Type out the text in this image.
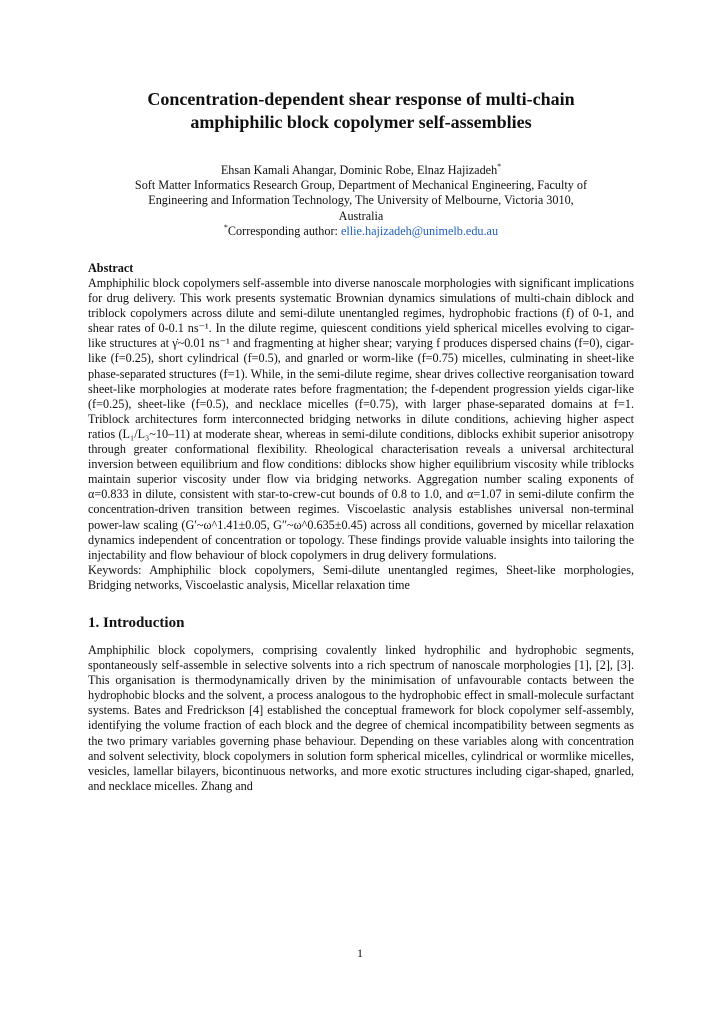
Concentration-dependent shear response of multi-chain
amphiphilic block copolymer self-assemblies
Ehsan Kamali Ahangar, Dominic Robe, Elnaz Hajizadeh*
Soft Matter Informatics Research Group, Department of Mechanical Engineering, Faculty of
Engineering and Information Technology, The University of Melbourne, Victoria 3010,
Australia
*Corresponding author: ellie.hajizadeh@unimelb.edu.au
Abstract

Amphiphilic block copolymers self-assemble into diverse nanoscale morphologies with significant implications for drug delivery. This work presents systematic Brownian dynamics simulations of multi-chain diblock and triblock copolymers across dilute and semi-dilute unentangled regimes, hydrophobic fractions (f) of 0-1, and shear rates of 0-0.1 ns⁻¹. In the dilute regime, quiescent conditions yield spherical micelles evolving to cigar-like structures at γ̇~0.01 ns⁻¹ and fragmenting at higher shear; varying f produces dispersed chains (f=0), cigar-like (f=0.25), short cylindrical (f=0.5), and gnarled or worm-like (f=0.75) micelles, culminating in sheet-like phase-separated structures (f=1). While, in the semi-dilute regime, shear drives collective reorganisation toward sheet-like morphologies at moderate rates before fragmentation; the f-dependent progression yields cigar-like (f=0.25), sheet-like (f=0.5), and necklace micelles (f=0.75), with larger phase-separated domains at f=1. Triblock architectures form interconnected bridging networks in dilute conditions, achieving higher aspect ratios (L₁/L₃~10–11) at moderate shear, whereas in semi-dilute conditions, diblocks exhibit superior anisotropy through greater conformational flexibility. Rheological characterisation reveals a universal architectural inversion between equilibrium and flow conditions: diblocks show higher equilibrium viscosity while triblocks maintain superior viscosity under flow via bridging networks. Aggregation number scaling exponents of α=0.833 in dilute, consistent with star-to-crew-cut bounds of 0.8 to 1.0, and α=1.07 in semi-dilute confirm the concentration-driven transition between regimes. Viscoelastic analysis establishes universal non-terminal power-law scaling (G′~ω^1.41±0.05, G″~ω^0.635±0.45) across all conditions, governed by micellar relaxation dynamics independent of concentration or topology. These findings provide valuable insights into tailoring the injectability and flow behaviour of block copolymers in drug delivery formulations.

Keywords: Amphiphilic block copolymers, Semi-dilute unentangled regimes, Sheet-like morphologies, Bridging networks, Viscoelastic analysis, Micellar relaxation time

1. Introduction

Amphiphilic block copolymers, comprising covalently linked hydrophilic and hydrophobic segments, spontaneously self-assemble in selective solvents into a rich spectrum of nanoscale morphologies [1], [2], [3]. This organisation is thermodynamically driven by the minimisation of unfavourable contacts between the hydrophobic blocks and the solvent, a process analogous to the hydrophobic effect in small-molecule surfactant systems. Bates and Fredrickson [4] established the conceptual framework for block copolymer self-assembly, identifying the volume fraction of each block and the degree of chemical incompatibility between segments as the two primary variables governing phase behaviour. Depending on these variables along with concentration and solvent selectivity, block copolymers in solution form spherical micelles, cylindrical or wormlike micelles, vesicles, lamellar bilayers, bicontinuous networks, and more exotic structures including cigar-shaped, gnarled, and necklace micelles. Zhang and

1
